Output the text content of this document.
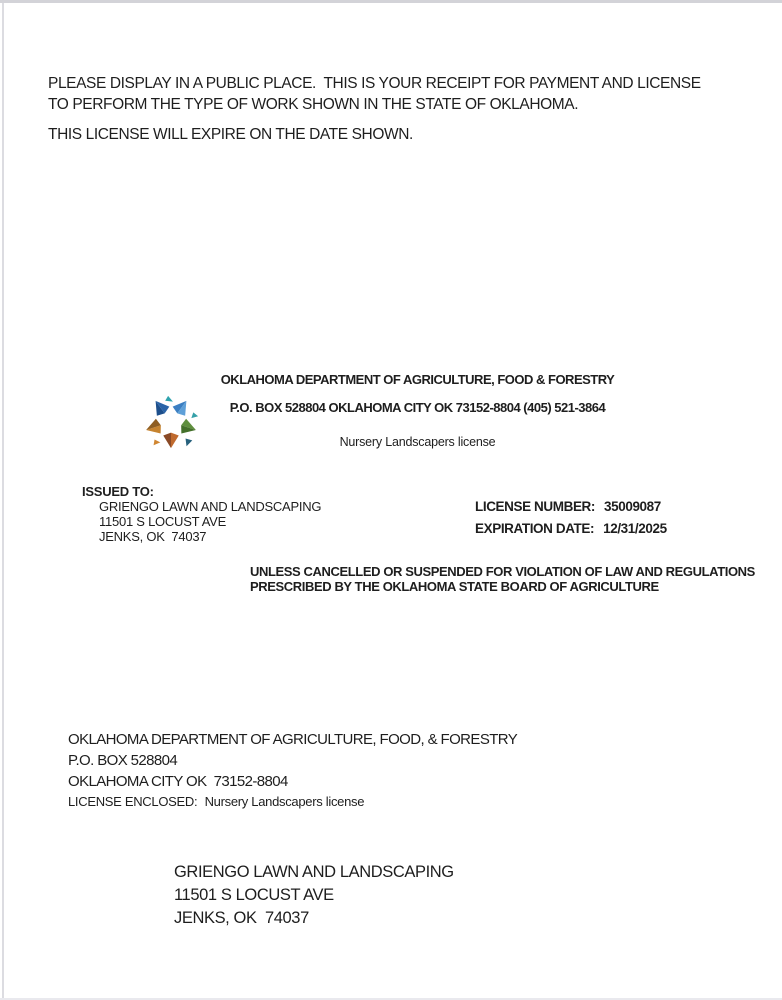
PLEASE DISPLAY IN A PUBLIC PLACE.  THIS IS YOUR RECEIPT FOR PAYMENT AND LICENSE
TO PERFORM THE TYPE OF WORK SHOWN IN THE STATE OF OKLAHOMA.
THIS LICENSE WILL EXPIRE ON THE DATE SHOWN.
OKLAHOMA DEPARTMENT OF AGRICULTURE, FOOD & FORESTRY
P.O. BOX 528804 OKLAHOMA CITY OK 73152-8804 (405) 521-3864
Nursery Landscapers license
ISSUED TO:
GRIENGO LAWN AND LANDSCAPING
11501 S LOCUST AVE
JENKS, OK  74037
LICENSE NUMBER: 35009087
EXPIRATION DATE: 12/31/2025
UNLESS CANCELLED OR SUSPENDED FOR VIOLATION OF LAW AND REGULATIONS
PRESCRIBED BY THE OKLAHOMA STATE BOARD OF AGRICULTURE
OKLAHOMA DEPARTMENT OF AGRICULTURE, FOOD, & FORESTRY
P.O. BOX 528804
OKLAHOMA CITY OK  73152-8804
LICENSE ENCLOSED: Nursery Landscapers license
GRIENGO LAWN AND LANDSCAPING
11501 S LOCUST AVE
JENKS, OK  74037
